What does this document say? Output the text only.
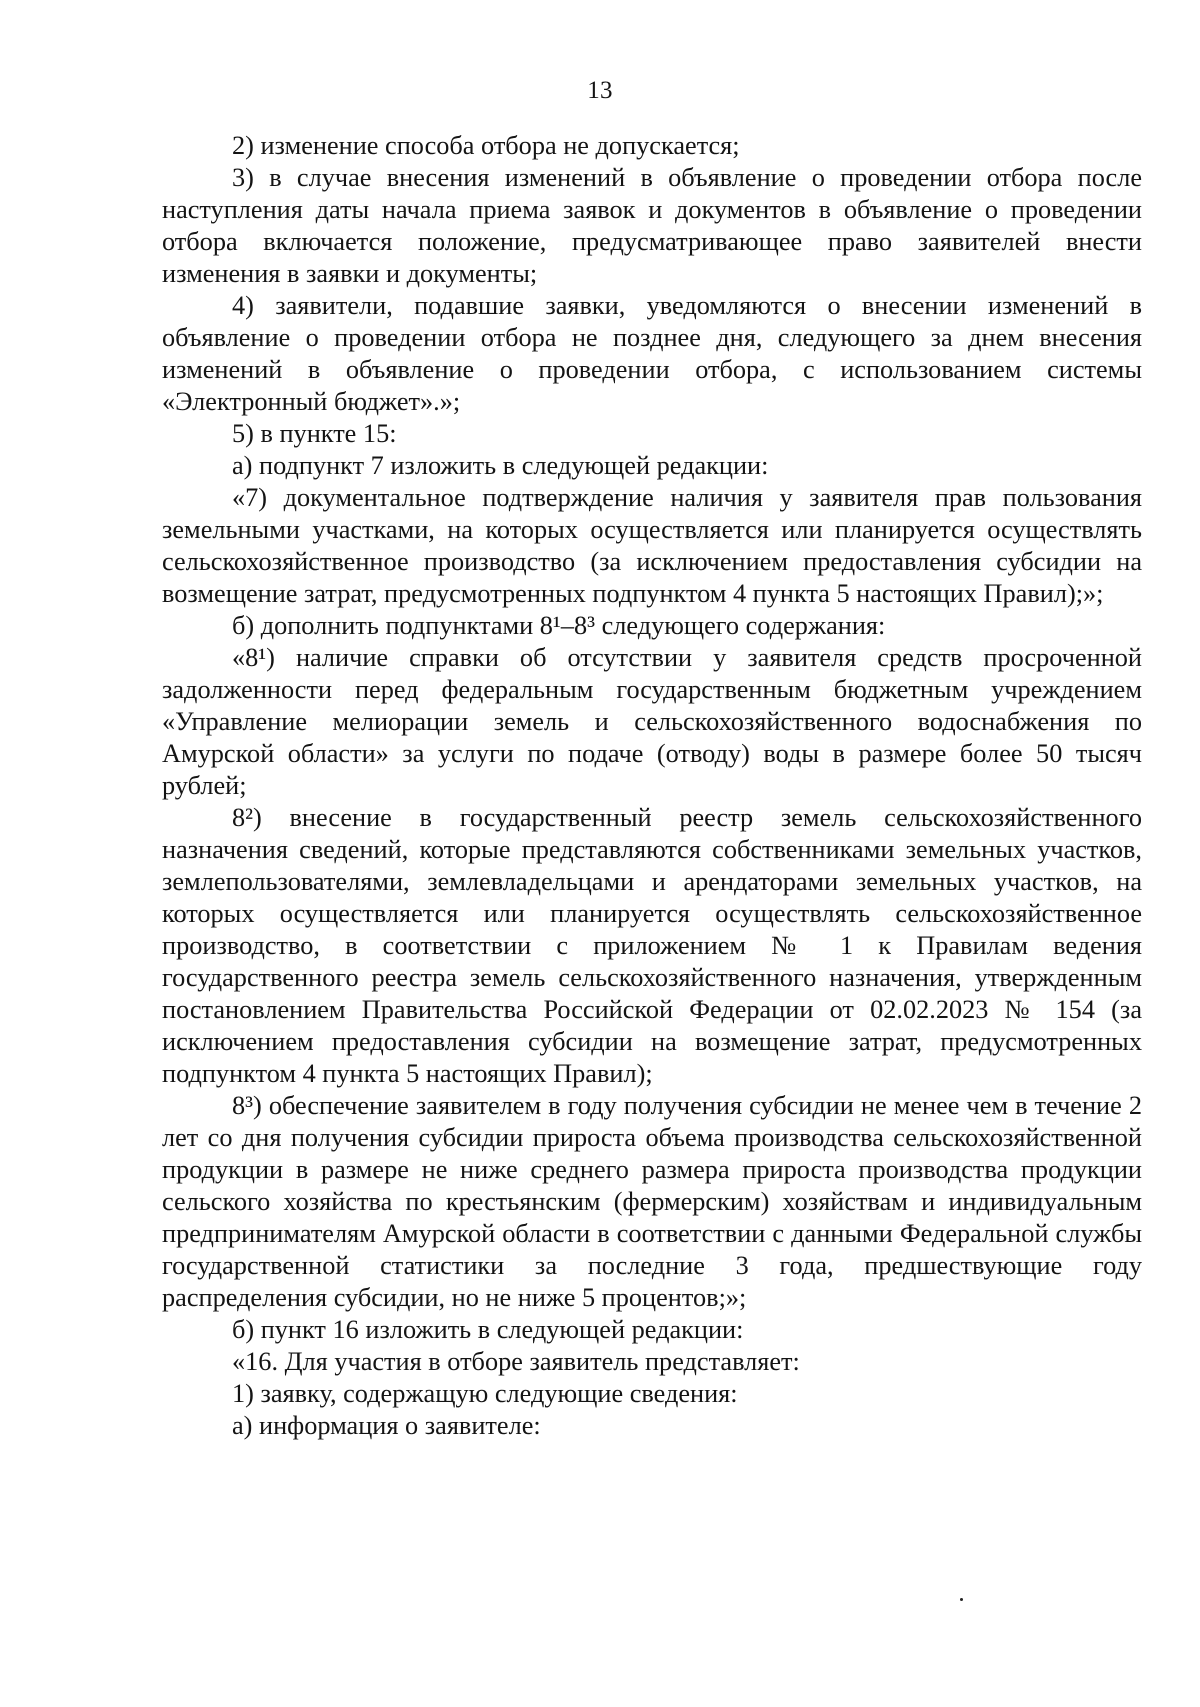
13

2) изменение способа отбора не допускается;

3) в случае внесения изменений в объявление о проведении отбора после наступления даты начала приема заявок и документов в объявление о проведении отбора включается положение, предусматривающее право заявителей внести изменения в заявки и документы;

4) заявители, подавшие заявки, уведомляются о внесении изменений в объявление о проведении отбора не позднее дня, следующего за днем внесения изменений в объявление о проведении отбора, с использованием системы «Электронный бюджет».»;

5) в пункте 15:

а) подпункт 7 изложить в следующей редакции:

«7) документальное подтверждение наличия у заявителя прав пользования земельными участками, на которых осуществляется или планируется осуществлять сельскохозяйственное производство (за исключением предоставления субсидии на возмещение затрат, предусмотренных подпунктом 4 пункта 5 настоящих Правил);»;

б) дополнить подпунктами 8¹–8³ следующего содержания:

«8¹) наличие справки об отсутствии у заявителя средств просроченной задолженности перед федеральным государственным бюджетным учреждением «Управление мелиорации земель и сельскохозяйственного водоснабжения по Амурской области» за услуги по подаче (отводу) воды в размере более 50 тысяч рублей;

8²) внесение в государственный реестр земель сельскохозяйственного назначения сведений, которые представляются собственниками земельных участков, землепользователями, землевладельцами и арендаторами земельных участков, на которых осуществляется или планируется осуществлять сельскохозяйственное производство, в соответствии с приложением № 1 к Правилам ведения государственного реестра земель сельскохозяйственного назначения, утвержденным постановлением Правительства Российской Федерации от 02.02.2023 № 154 (за исключением предоставления субсидии на возмещение затрат, предусмотренных подпунктом 4 пункта 5 настоящих Правил);

8³) обеспечение заявителем в году получения субсидии не менее чем в течение 2 лет со дня получения субсидии прироста объема производства сельскохозяйственной продукции в размере не ниже среднего размера прироста производства продукции сельского хозяйства по крестьянским (фермерским) хозяйствам и индивидуальным предпринимателям Амурской области в соответствии с данными Федеральной службы государственной статистики за последние 3 года, предшествующие году распределения субсидии, но не ниже 5 процентов;»;

б) пункт 16 изложить в следующей редакции:

«16. Для участия в отборе заявитель представляет:

1) заявку, содержащую следующие сведения:

а) информация о заявителе:
